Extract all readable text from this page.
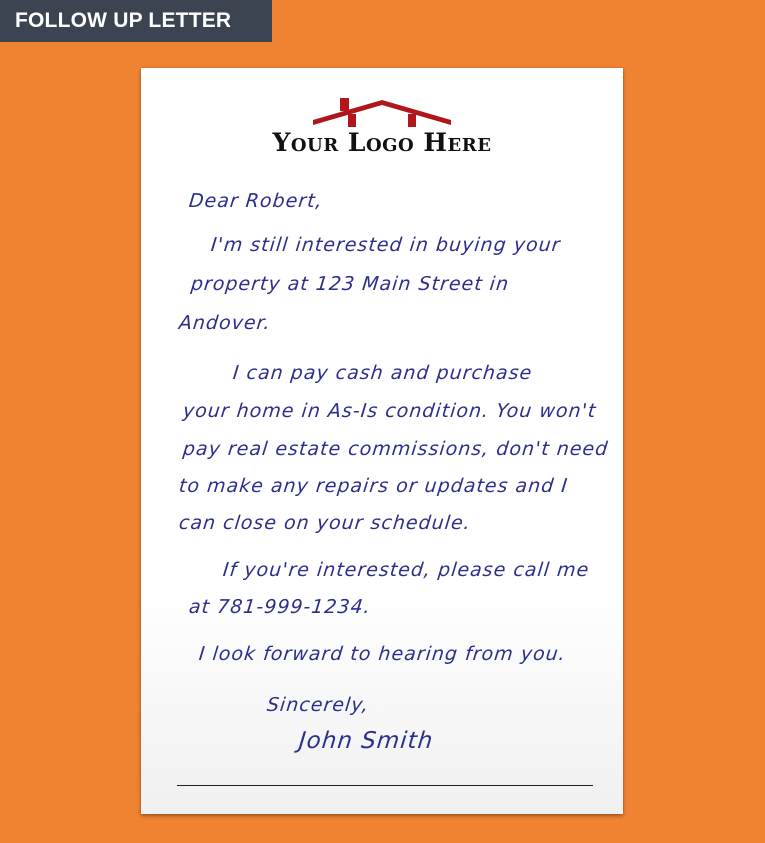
FOLLOW UP LETTER
Your Logo Here
Dear Robert,
I'm still interested in buying your
property at 123 Main Street in
Andover.
I can pay cash and purchase
your home in As-Is condition. You won't
pay real estate commissions, don't need
to make any repairs or updates and I
can close on your schedule.
If you're interested, please call me
at 781-999-1234.
I look forward to hearing from you.
Sincerely,
John Smith
